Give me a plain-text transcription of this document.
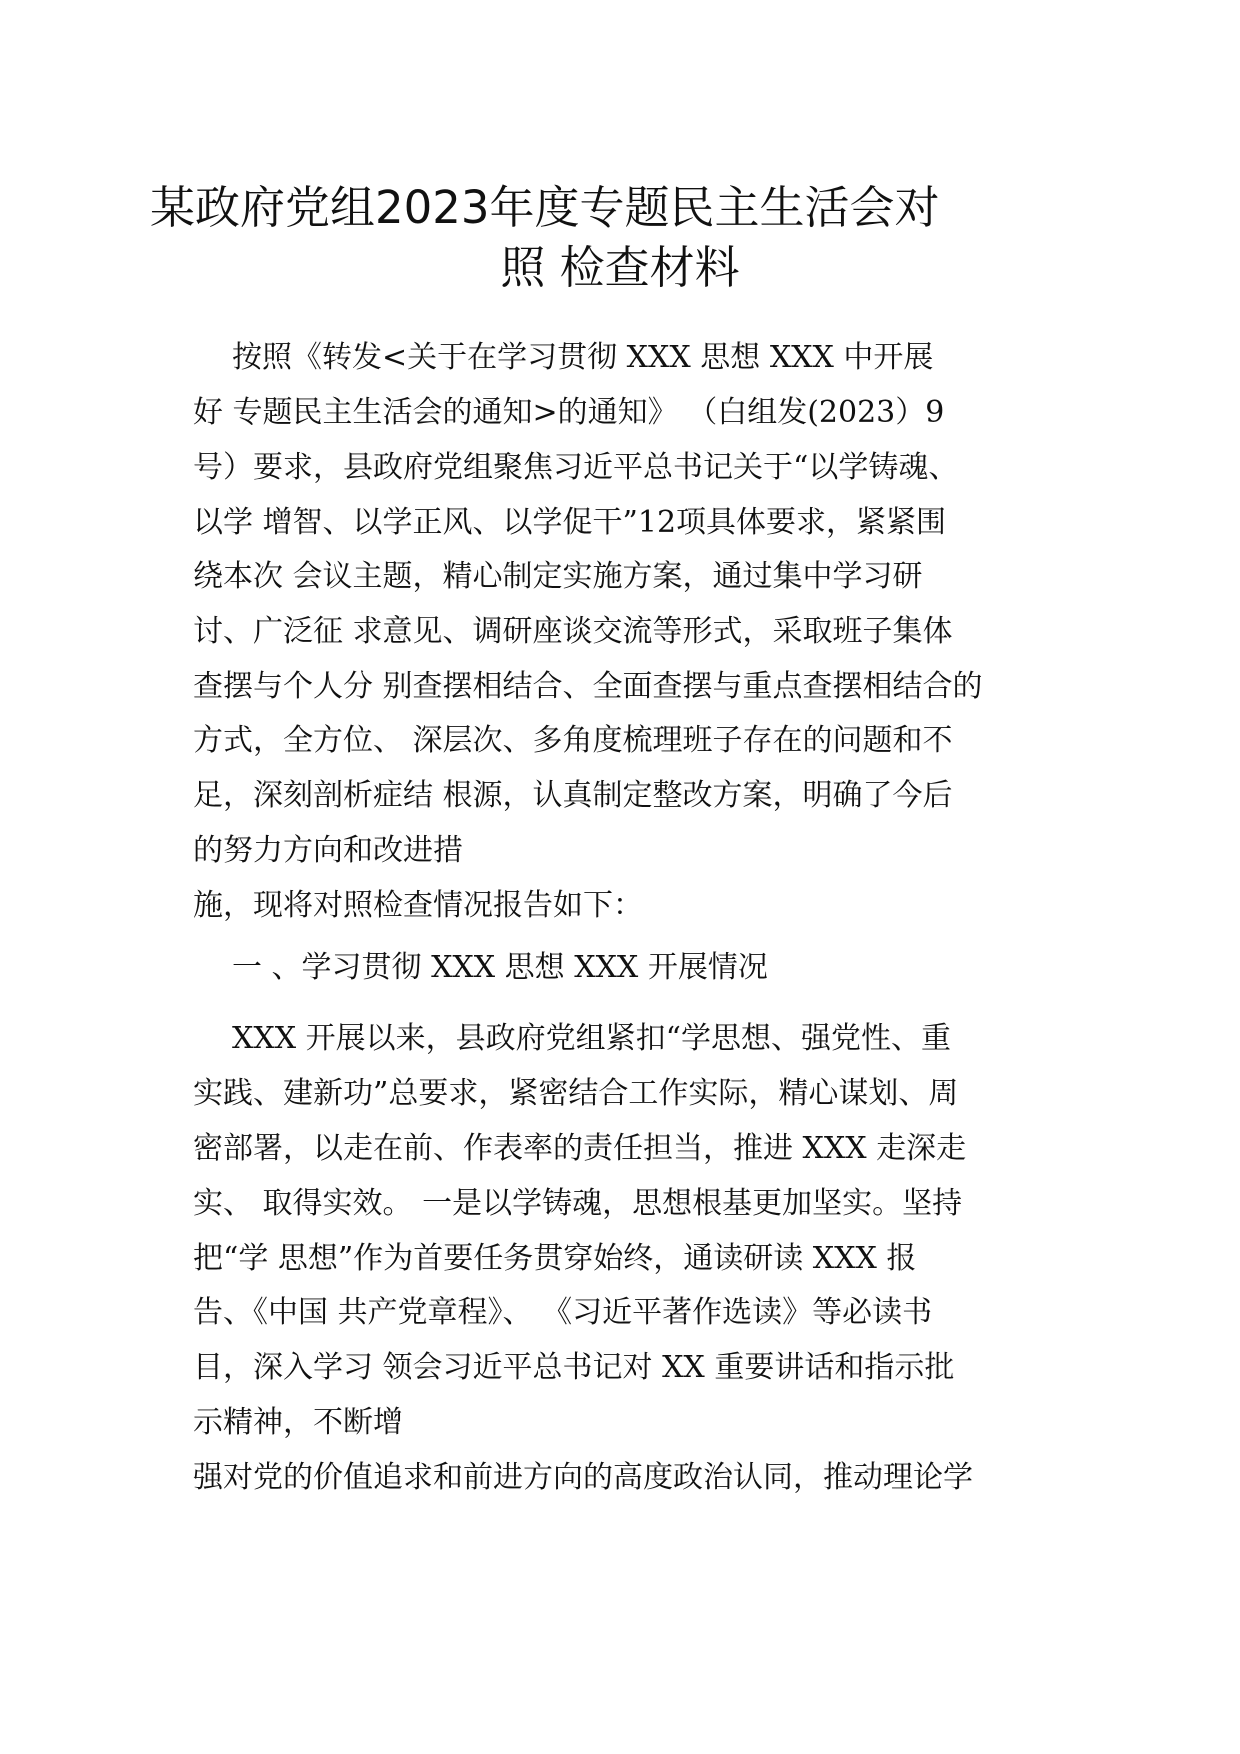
某政府党组2023年度专题民主生活会对
照 检查材料
按照《转发<关于在学习贯彻 XXX 思想 XXX 中开展
好 专题民主生活会的通知>的通知》 （白组发(2023）9
号）要求，县政府党组聚焦习近平总书记关于“以学铸魂、
以学 增智、以学正风、以学促干”12项具体要求，紧紧围
绕本次 会议主题，精心制定实施方案，通过集中学习研
讨、广泛征 求意见、调研座谈交流等形式，采取班子集体
查摆与个人分 别查摆相结合、全面查摆与重点查摆相结合的
方式，全方位、 深层次、多角度梳理班子存在的问题和不
足，深刻剖析症结 根源，认真制定整改方案，明确了今后
的努力方向和改进措
施，现将对照检查情况报告如下：
一 、学习贯彻 XXX 思想 XXX 开展情况
XXX 开展以来，县政府党组紧扣“学思想、强党性、重
实践、建新功”总要求，紧密结合工作实际，精心谋划、周
密部署，以走在前、作表率的责任担当，推进 XXX 走深走
实、 取得实效。 一是以学铸魂，思想根基更加坚实。坚持
把“学 思想”作为首要任务贯穿始终，通读研读 XXX 报
告、《中国 共产党章程》、 《习近平著作选读》等必读书
目，深入学习 领会习近平总书记对 XX 重要讲话和指示批
示精神，不断增
强对党的价值追求和前进方向的高度政治认同，推动理论学
